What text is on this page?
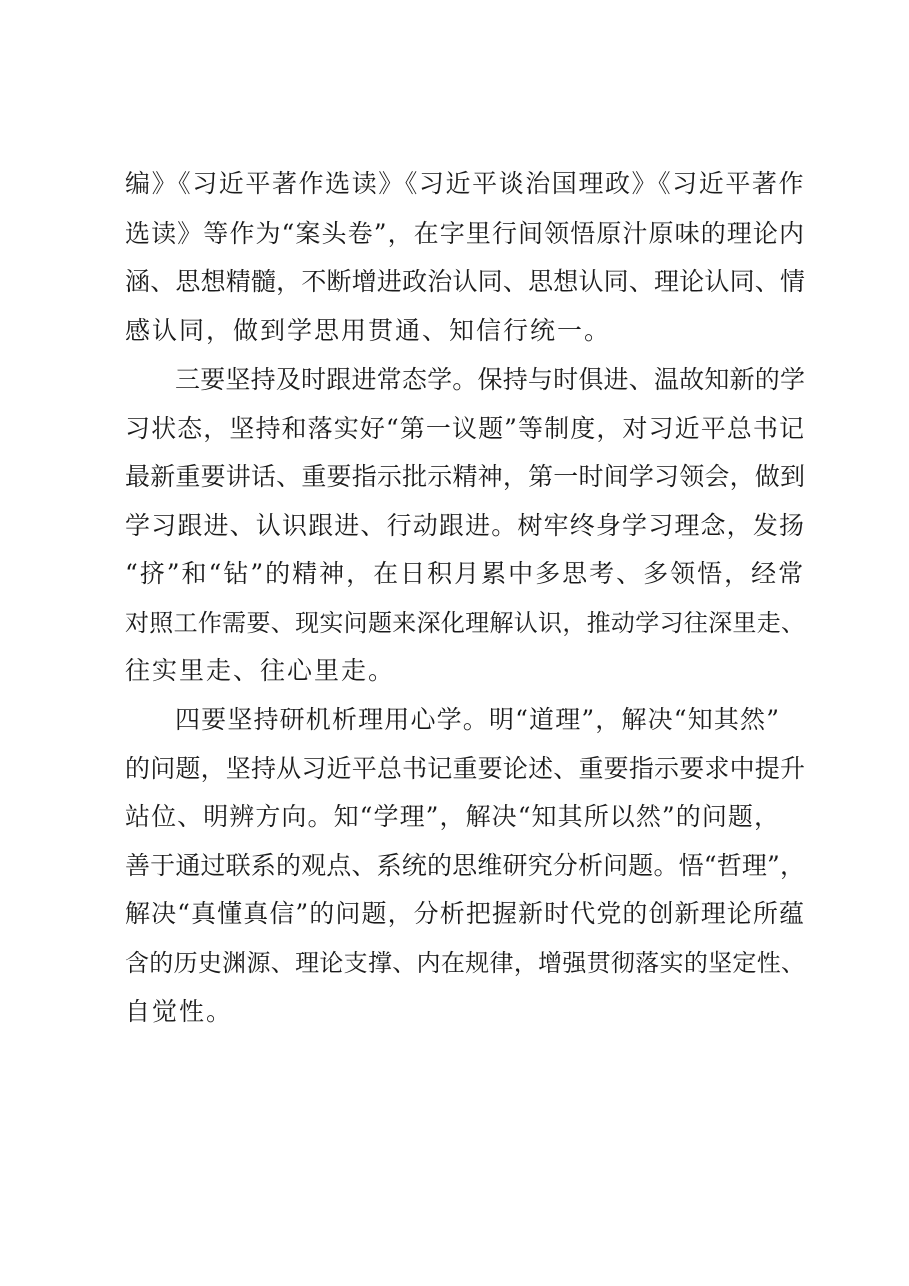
编》《习近平著作选读》《习近平谈治国理政》《习近平著作
选读》等作为“案头卷”，在字里行间领悟原汁原味的理论内
涵、思想精髓，不断增进政治认同、思想认同、理论认同、情
感认同，做到学思用贯通、知信行统一。
三要坚持及时跟进常态学。保持与时俱进、温故知新的学
习状态，坚持和落实好“第一议题”等制度，对习近平总书记
最新重要讲话、重要指示批示精神，第一时间学习领会，做到
学习跟进、认识跟进、行动跟进。树牢终身学习理念，发扬
“挤”和“钻”的精神，在日积月累中多思考、多领悟，经常
对照工作需要、现实问题来深化理解认识，推动学习往深里走、
往实里走、往心里走。
四要坚持研机析理用心学。明“道理”，解决“知其然”
的问题，坚持从习近平总书记重要论述、重要指示要求中提升
站位、明辨方向。知“学理”，解决“知其所以然”的问题，
善于通过联系的观点、系统的思维研究分析问题。悟“哲理”，
解决“真懂真信”的问题，分析把握新时代党的创新理论所蕴
含的历史渊源、理论支撑、内在规律，增强贯彻落实的坚定性、
自觉性。
